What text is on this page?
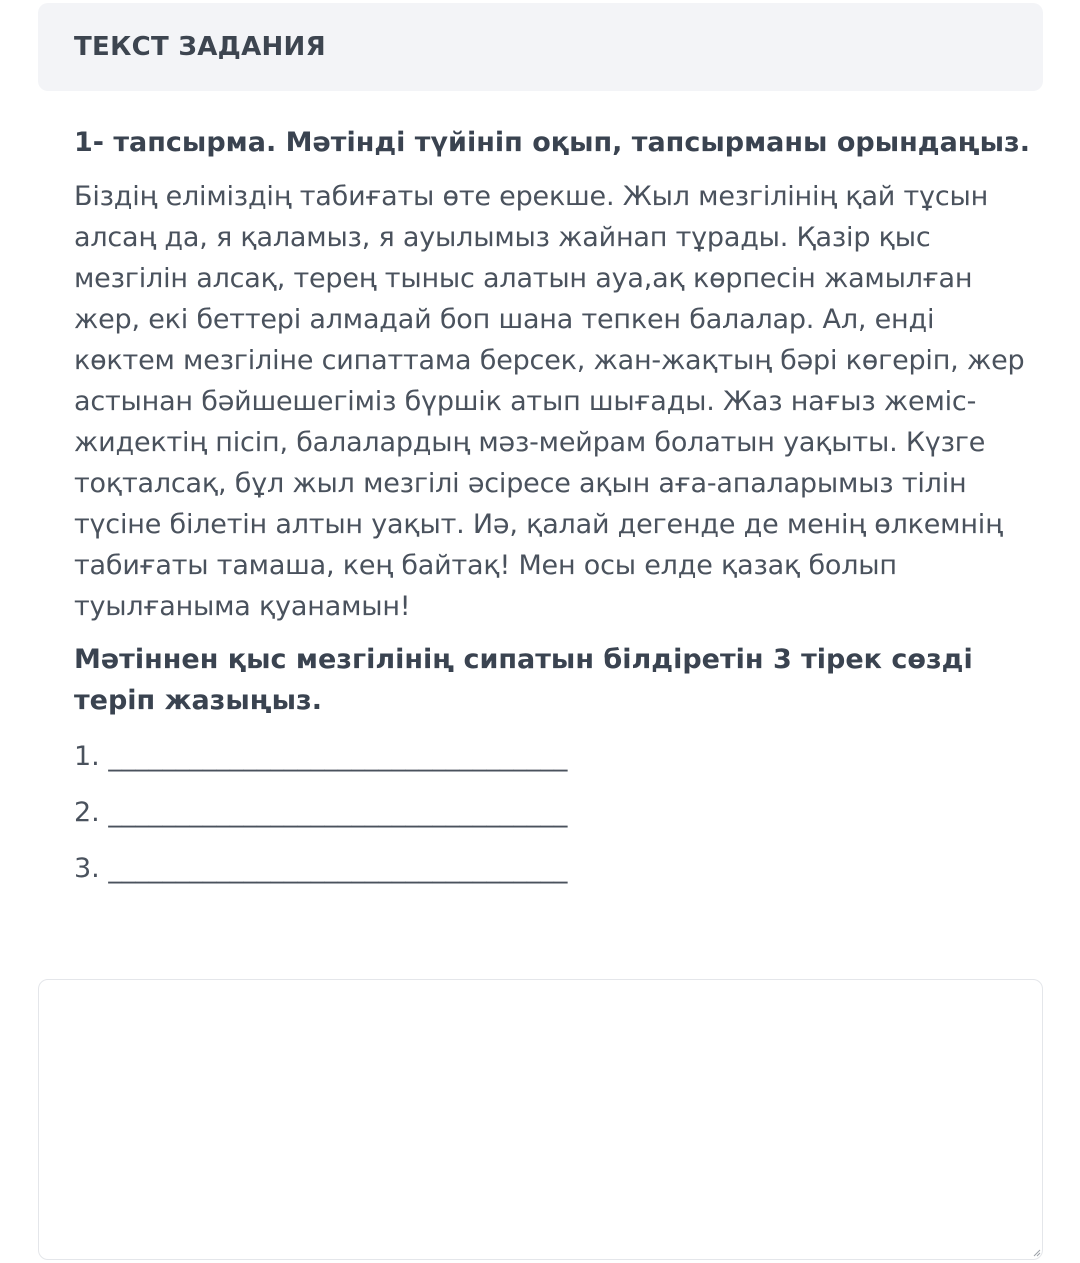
ТЕКСТ ЗАДАНИЯ

1- тапсырма. Мәтінді түйініп оқып, тапсырманы орындаңыз.

Біздің еліміздің табиғаты өте ерекше. Жыл мезгілінің қай тұсын алсаң да, я қаламыз, я ауылымыз жайнап тұрады. Қазір қыс мезгілін алсақ, терең тыныс алатын ауа,ақ көрпесін жамылған жер, екі беттері алмадай боп шана тепкен балалар. Ал, енді көктем мезгіліне сипаттама берсек, жан-жақтың бәрі көгеріп, жер астынан бәйшешегіміз бүршік атып шығады. Жаз нағыз жеміс-жидектің пісіп, балалардың мәз-мейрам болатын уақыты. Күзге тоқталсақ, бұл жыл мезгілі әсіресе ақын аға-апаларымыз тілін түсіне білетін алтын уақыт. Иә, қалай дегенде де менің өлкемнің табиғаты тамаша, кең байтақ! Мен осы елде қазақ болып туылғаныма қуанамын!

Мәтіннен қыс мезгілінің сипатын білдіретін 3 тірек сөзді теріп жазыңыз.

1. __________________________________
2. __________________________________
3. __________________________________
